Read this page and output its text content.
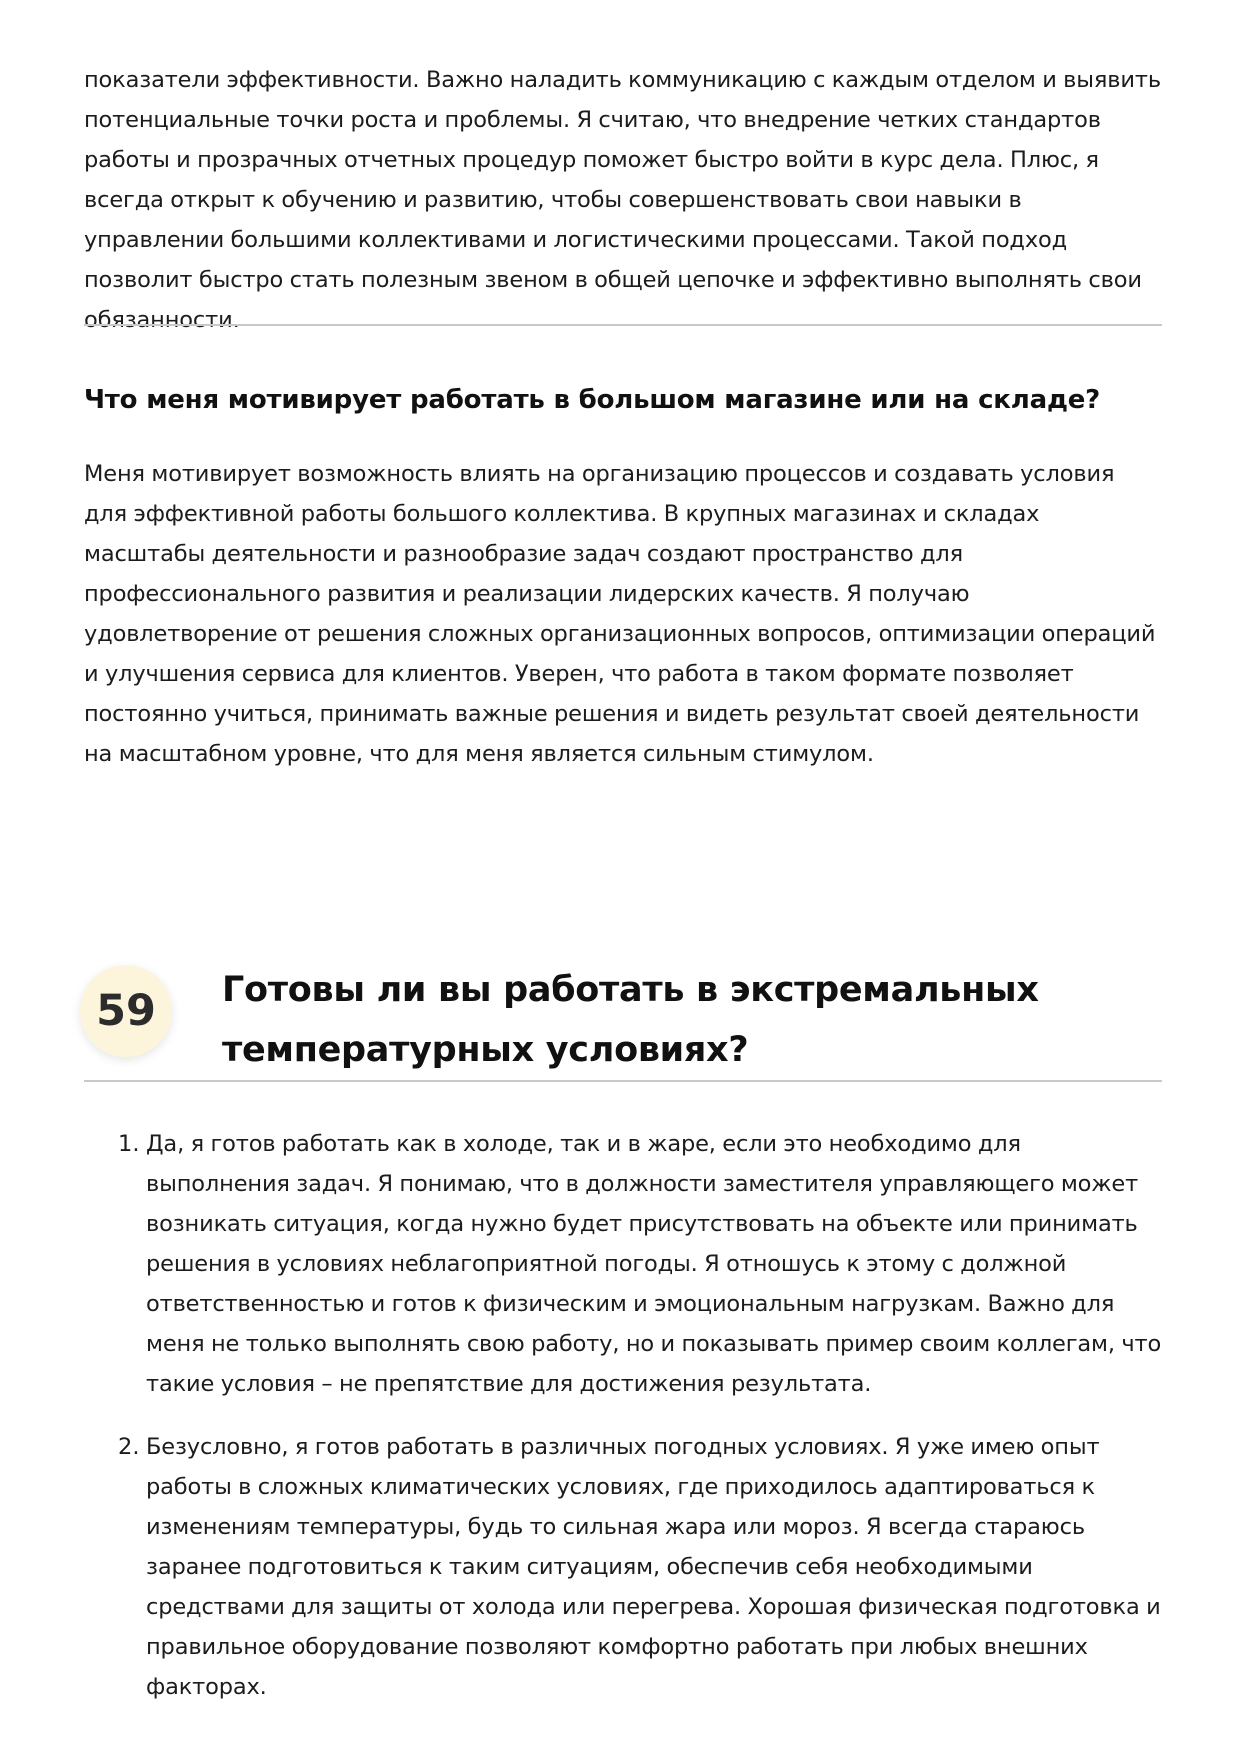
показатели эффективности. Важно наладить коммуникацию с каждым отделом и выявить потенциальные точки роста и проблемы. Я считаю, что внедрение четких стандартов работы и прозрачных отчетных процедур поможет быстро войти в курс дела. Плюс, я всегда открыт к обучению и развитию, чтобы совершенствовать свои навыки в управлении большими коллективами и логистическими процессами. Такой подход позволит быстро стать полезным звеном в общей цепочке и эффективно выполнять свои обязанности.

Что меня мотивирует работать в большом магазине или на складе?

Меня мотивирует возможность влиять на организацию процессов и создавать условия для эффективной работы большого коллектива. В крупных магазинах и складах масштабы деятельности и разнообразие задач создают пространство для профессионального развития и реализации лидерских качеств. Я получаю удовлетворение от решения сложных организационных вопросов, оптимизации операций и улучшения сервиса для клиентов. Уверен, что работа в таком формате позволяет постоянно учиться, принимать важные решения и видеть результат своей деятельности на масштабном уровне, что для меня является сильным стимулом.

59	Готовы ли вы работать в экстремальных температурных условиях?
1. Да, я готов работать как в холоде, так и в жаре, если это необходимо для выполнения задач. Я понимаю, что в должности заместителя управляющего может возникать ситуация, когда нужно будет присутствовать на объекте или принимать решения в условиях неблагоприятной погоды. Я отношусь к этому с должной ответственностью и готов к физическим и эмоциональным нагрузкам. Важно для меня не только выполнять свою работу, но и показывать пример своим коллегам, что такие условия – не препятствие для достижения результата.

2. Безусловно, я готов работать в различных погодных условиях. Я уже имею опыт работы в сложных климатических условиях, где приходилось адаптироваться к изменениям температуры, будь то сильная жара или мороз. Я всегда стараюсь заранее подготовиться к таким ситуациям, обеспечив себя необходимыми средствами для защиты от холода или перегрева. Хорошая физическая подготовка и правильное оборудование позволяют комфортно работать при любых внешних факторах.
